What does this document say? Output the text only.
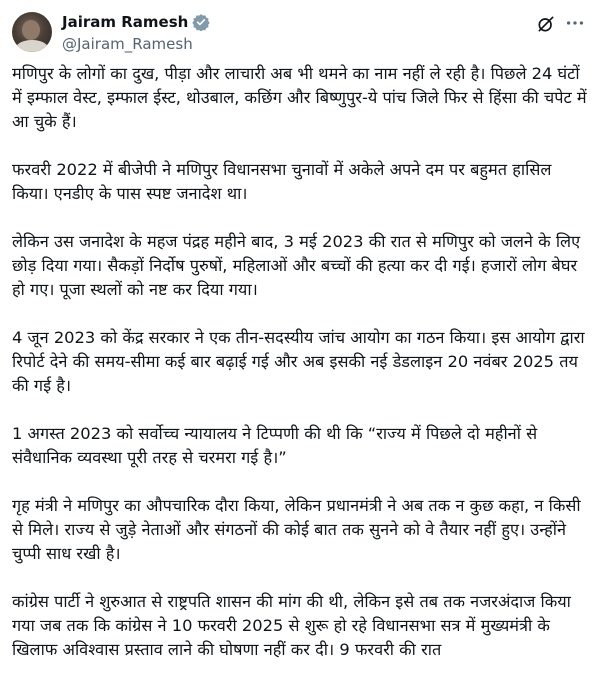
Jairam Ramesh
@Jairam_Ramesh

मणिपुर के लोगों का दुख, पीड़ा और लाचारी अब भी थमने का नाम नहीं ले रही है। पिछले 24 घंटों में इम्फाल वेस्ट, इम्फाल ईस्ट, थोउबाल, कछिंग और बिष्णुपुर-ये पांच जिले फिर से हिंसा की चपेट में आ चुके हैं।

फरवरी 2022 में बीजेपी ने मणिपुर विधानसभा चुनावों में अकेले अपने दम पर बहुमत हासिल किया। एनडीए के पास स्पष्ट जनादेश था।

लेकिन उस जनादेश के महज पंद्रह महीने बाद, 3 मई 2023 की रात से मणिपुर को जलने के लिए छोड़ दिया गया। सैकड़ों निर्दोष पुरुषों, महिलाओं और बच्चों की हत्या कर दी गई। हजारों लोग बेघर हो गए। पूजा स्थलों को नष्ट कर दिया गया।

4 जून 2023 को केंद्र सरकार ने एक तीन-सदस्यीय जांच आयोग का गठन किया। इस आयोग द्वारा रिपोर्ट देने की समय-सीमा कई बार बढ़ाई गई और अब इसकी नई डेडलाइन 20 नवंबर 2025 तय की गई है।

1 अगस्त 2023 को सर्वोच्च न्यायालय ने टिप्पणी की थी कि “राज्य में पिछले दो महीनों से संवैधानिक व्यवस्था पूरी तरह से चरमरा गई है।”

गृह मंत्री ने मणिपुर का औपचारिक दौरा किया, लेकिन प्रधानमंत्री ने अब तक न कुछ कहा, न किसी से मिले। राज्य से जुड़े नेताओं और संगठनों की कोई बात तक सुनने को वे तैयार नहीं हुए। उन्होंने चुप्पी साध रखी है।

कांग्रेस पार्टी ने शुरुआत से राष्ट्रपति शासन की मांग की थी, लेकिन इसे तब तक नजरअंदाज किया गया जब तक कि कांग्रेस ने 10 फरवरी 2025 से शुरू हो रहे विधानसभा सत्र में मुख्यमंत्री के खिलाफ अविश्वास प्रस्ताव लाने की घोषणा नहीं कर दी। 9 फरवरी की रात
